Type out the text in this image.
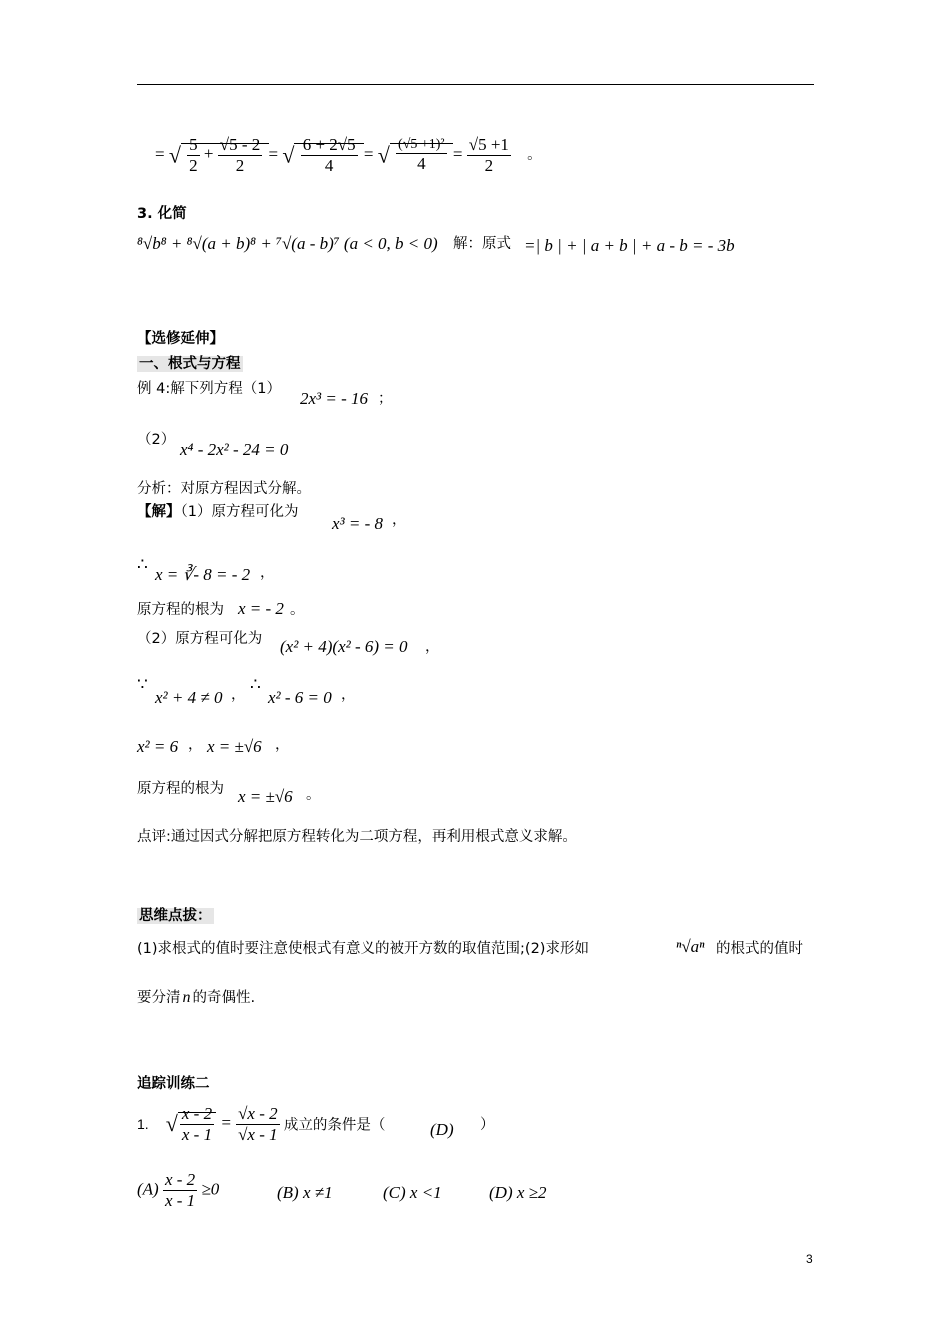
= √ $\frac{5}{2} + \frac{√5 - 2}{2}$ = √ $\frac{6 + 2√5}{4}$ = √ $\frac{\text{(√5 +1)²}}{4} = \frac{√5 +1}{2}$ 。
3. 化简
⁸√b⁸ + ⁸√(a + b)⁸ + ⁷√(a - b)⁷ (a < 0, b < 0) 解：原式 =| b | + | a + b | + a - b = - 3b
【选修延伸】
一、根式与方程
例 4:解下列方程（1） 2x³ = - 16 ；
（2） x⁴ - 2x² - 24 = 0
分析：对原方程因式分解。
【解】（1）原方程可化为
x³ = - 8 ，
∴
x = ∛- 8 = - 2 ，
原方程的根为 x = - 2 。
（2）原方程可化为 (x² + 4)(x² - 6) = 0 ，
∵
x² + 4 ≠ 0 ，
∴
x² - 6 = 0 ，
x² = 6 ， x = ±√6 ，
原方程的根为 x = ±√6 。
点评:通过因式分解把原方程转化为二项方程，再利用根式意义求解。
思维点拔：
(1)求根式的值时要注意使根式有意义的被开方数的取值范围;(2)求形如	ⁿ√aⁿ 的根式的值时
要分清 n 的奇偶性.
追踪训练二
1. √ $\frac{x - 2}{x - 1} = \frac{√x - 2}{√x - 1}$ 成立的条件是（	(D) ）
$(A) \frac{x - 2}{x - 1} \ge 0$	(B) x ≠1	(C) x <1	(D) x ≥2
3
